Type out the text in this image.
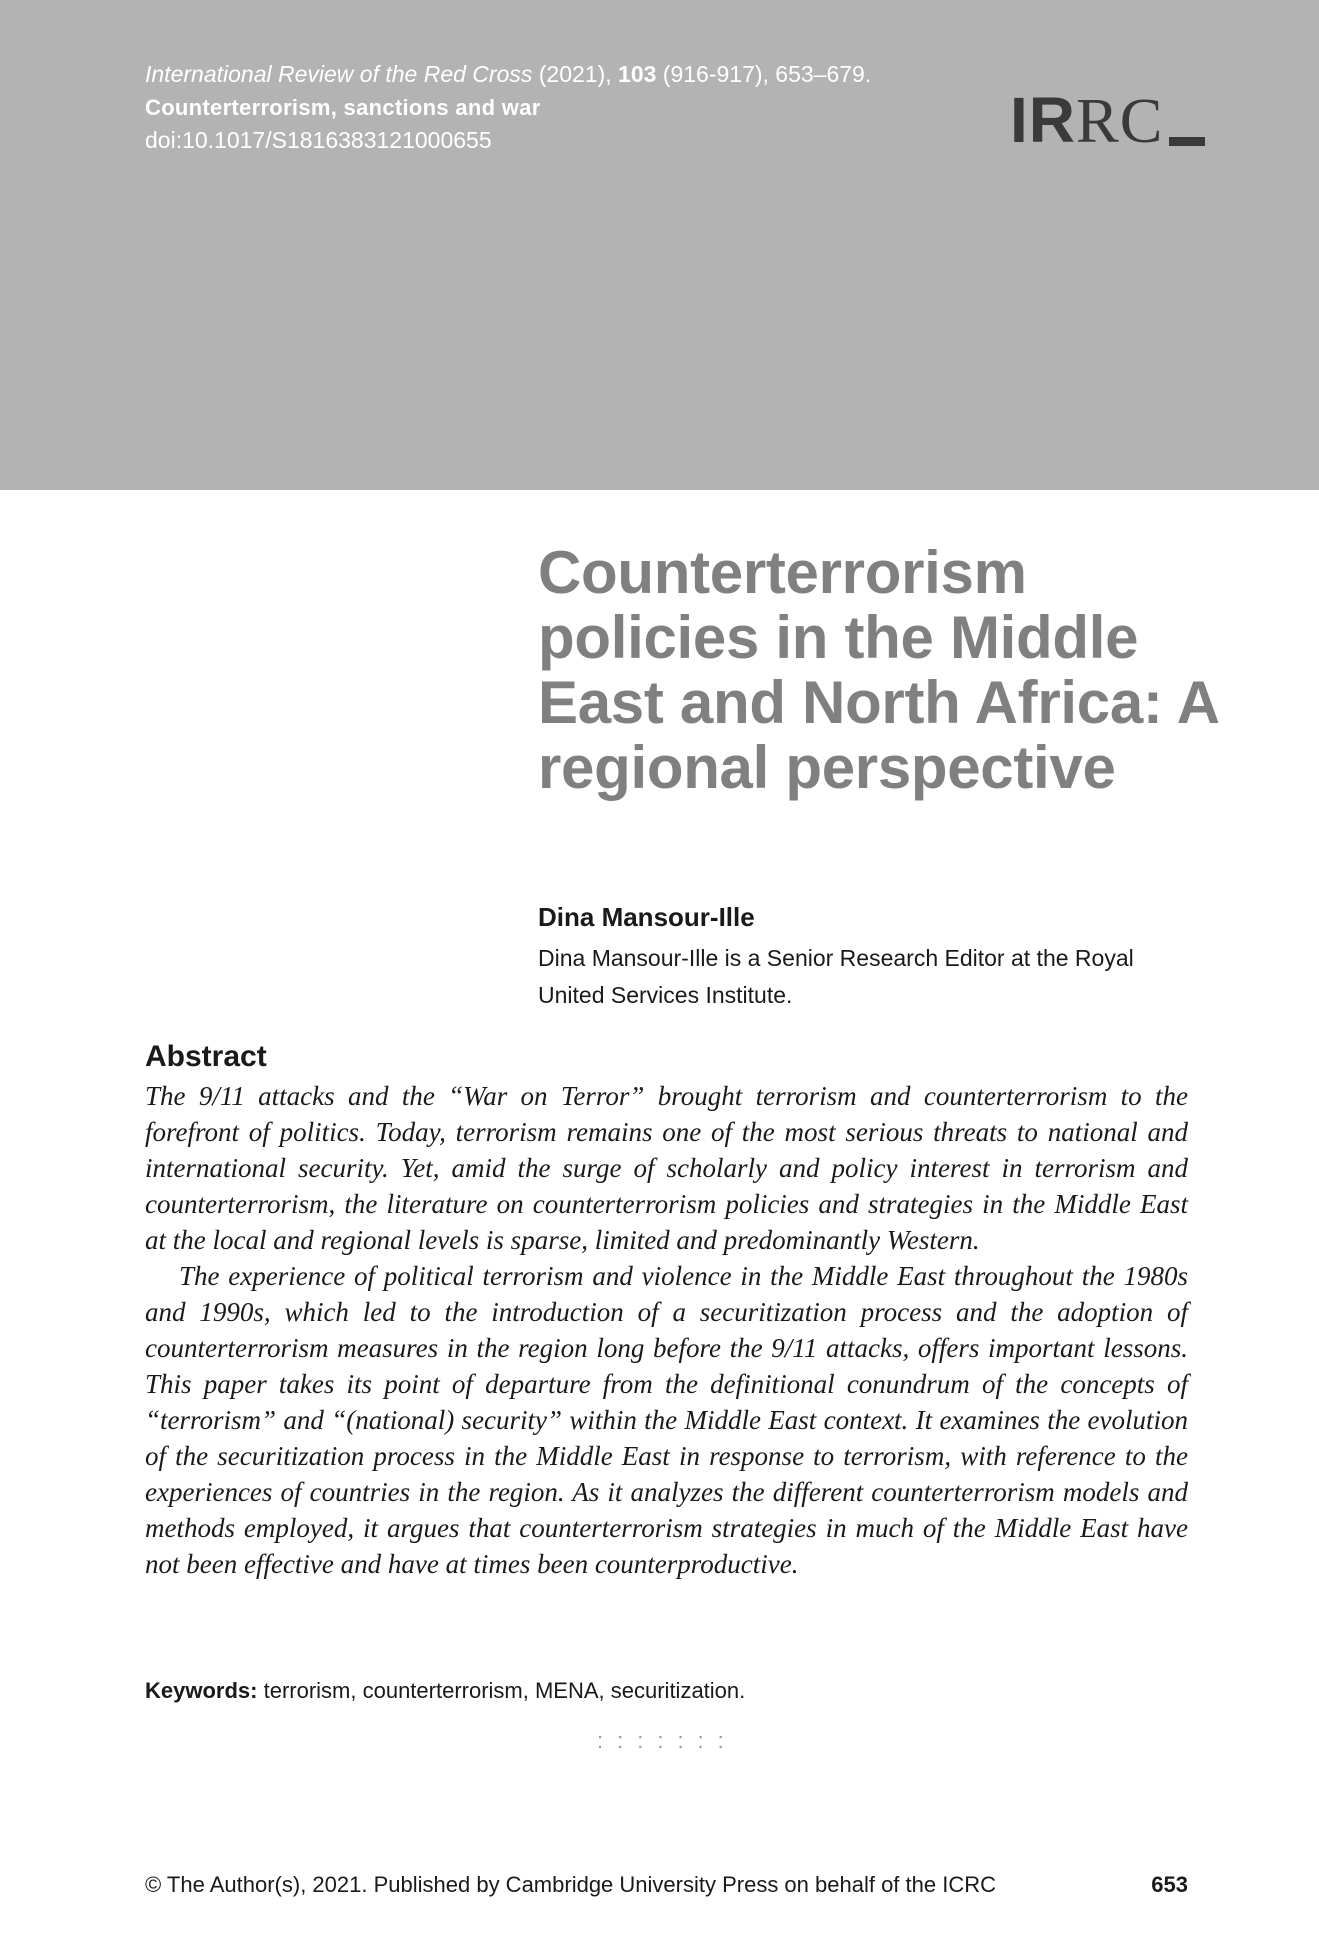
International Review of the Red Cross (2021), 103 (916-917), 653–679.
Counterterrorism, sanctions and war
doi:10.1017/S1816383121000655	IRRC
Counterterrorism policies in the Middle East and North Africa: A regional perspective
Dina Mansour-Ille
Dina Mansour-Ille is a Senior Research Editor at the Royal United Services Institute.
Abstract

The 9/11 attacks and the “War on Terror” brought terrorism and counterterrorism to the forefront of politics. Today, terrorism remains one of the most serious threats to national and international security. Yet, amid the surge of scholarly and policy interest in terrorism and counterterrorism, the literature on counterterrorism policies and strategies in the Middle East at the local and regional levels is sparse, limited and predominantly Western.

The experience of political terrorism and violence in the Middle East throughout the 1980s and 1990s, which led to the introduction of a securitization process and the adoption of counterterrorism measures in the region long before the 9/11 attacks, offers important lessons. This paper takes its point of departure from the definitional conundrum of the concepts of “terrorism” and “(national) security” within the Middle East context. It examines the evolution of the securitization process in the Middle East in response to terrorism, with reference to the experiences of countries in the region. As it analyzes the different counterterrorism models and methods employed, it argues that counterterrorism strategies in much of the Middle East have not been effective and have at times been counterproductive.

Keywords: terrorism, counterterrorism, MENA, securitization.
:::::::
© The Author(s), 2021. Published by Cambridge University Press on behalf of the ICRC	653
